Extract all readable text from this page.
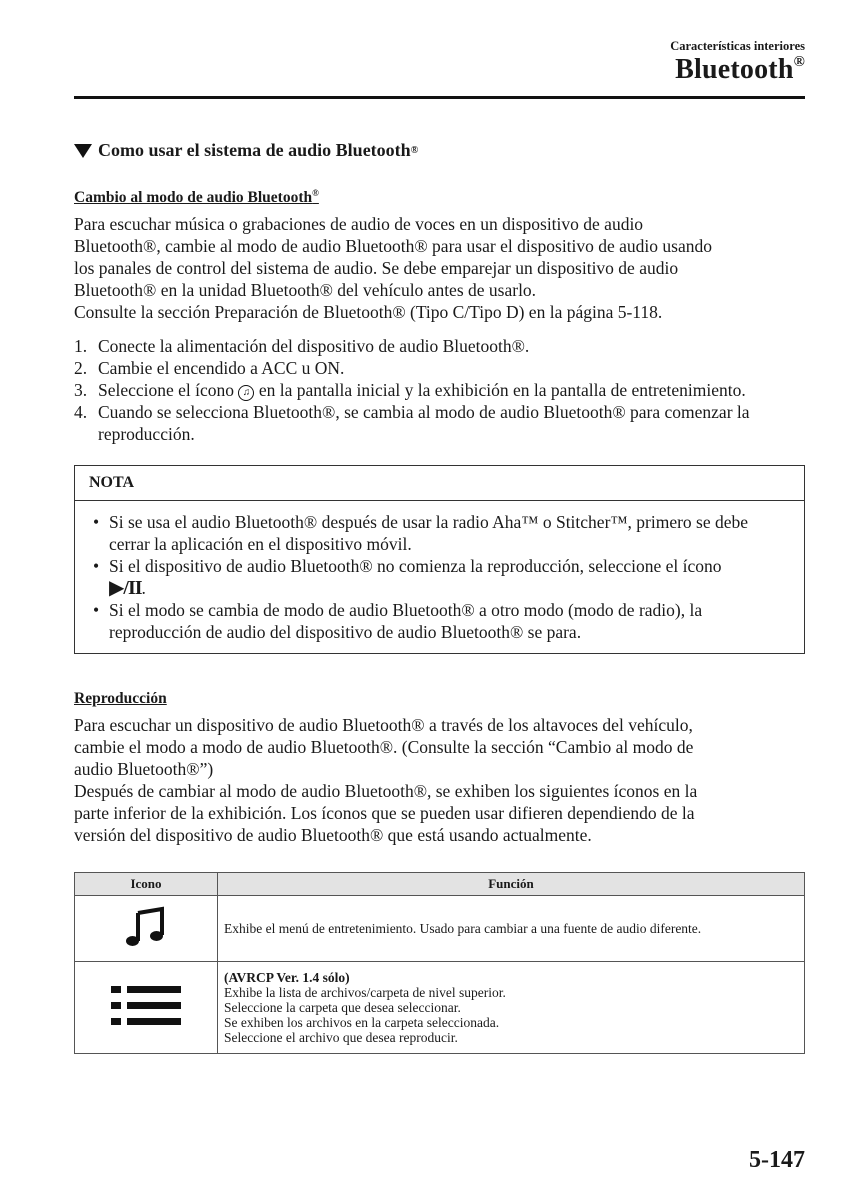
Características interiores
Bluetooth®
Como usar el sistema de audio Bluetooth ®
Cambio al modo de audio Bluetooth®

Para escuchar música o grabaciones de audio de voces en un dispositivo de audio

Bluetooth®, cambie al modo de audio Bluetooth® para usar el dispositivo de audio usando

los panales de control del sistema de audio. Se debe emparejar un dispositivo de audio

Bluetooth® en la unidad Bluetooth® del vehículo antes de usarlo.

Consulte la sección Preparación de Bluetooth® (Tipo C/Tipo D) en la página 5-118.

1. Conecte la alimentación del dispositivo de audio Bluetooth®.
2. Cambie el encendido a ACC u ON.
3. Seleccione el ícono ♫ en la pantalla inicial y la exhibición en la pantalla de entretenimiento.
4. Cuando se selecciona Bluetooth®, se cambia al modo de audio Bluetooth® para comenzar la reproducción.
NOTA
• Si se usa el audio Bluetooth® después de usar la radio Aha™ o Stitcher™, primero se debe cerrar la aplicación en el dispositivo móvil.
• Si el dispositivo de audio Bluetooth® no comienza la reproducción, seleccione el ícono
▶/II.
• Si el modo se cambia de modo de audio Bluetooth® a otro modo (modo de radio), la reproducción de audio del dispositivo de audio Bluetooth® se para.
Reproducción

Para escuchar un dispositivo de audio Bluetooth® a través de los altavoces del vehículo,

cambie el modo a modo de audio Bluetooth®. (Consulte la sección “Cambio al modo de

audio Bluetooth®”)

Después de cambiar al modo de audio Bluetooth®, se exhiben los siguientes íconos en la

parte inferior de la exhibición. Los íconos que se pueden usar difieren dependiendo de la

versión del dispositivo de audio Bluetooth® que está usando actualmente.

Icono	Función
	Exhibe el menú de entretenimiento. Usado para cambiar a una fuente de audio diferente.

(AVRCP Ver. 1.4 sólo)
Exhibe la lista de archivos/carpeta de nivel superior.
Seleccione la carpeta que desea seleccionar.
Se exhiben los archivos en la carpeta seleccionada.
Seleccione el archivo que desea reproducir.
5-147
